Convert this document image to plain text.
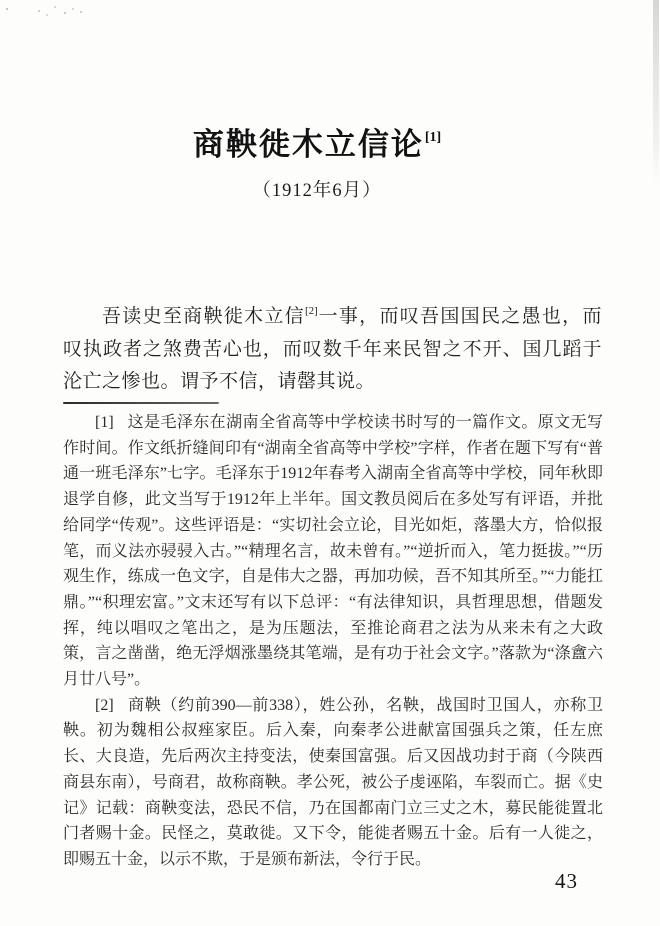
商鞅徙木立信论[1]
（1912年6月）

吾读史至商鞅徙木立信[2]一事，而叹吾国国民之愚也，而叹执政者之煞费苦心也，而叹数千年来民智之不开、国几蹈于沦亡之惨也。谓予不信，请罄其说。

[1] 这是毛泽东在湖南全省高等中学校读书时写的一篇作文。原文无写作时间。作文纸折缝间印有“湖南全省高等中学校”字样，作者在题下写有“普通一班毛泽东”七字。毛泽东于1912年春考入湖南全省高等中学校，同年秋即退学自修，此文当写于1912年上半年。国文教员阅后在多处写有评语，并批给同学“传观”。这些评语是：“实切社会立论，目光如炬，落墨大方，恰似报笔，而义法亦骎骎入古。”“精理名言，故未曾有。”“逆折而入，笔力挺拔。”“历观生作，练成一色文字，自是伟大之器，再加功候，吾不知其所至。”“力能扛鼎。”“积理宏富。”文末还写有以下总评：“有法律知识，具哲理思想，借题发挥，纯以唱叹之笔出之，是为压题法，至推论商君之法为从来未有之大政策，言之凿凿，绝无浮烟涨墨绕其笔端，是有功于社会文字。”落款为“涤盦六月廿八号”。

[2] 商鞅（约前390—前338），姓公孙，名鞅，战国时卫国人，亦称卫鞅。初为魏相公叔痤家臣。后入秦，向秦孝公进献富国强兵之策，任左庶长、大良造，先后两次主持变法，使秦国富强。后又因战功封于商（今陕西商县东南），号商君，故称商鞅。孝公死，被公子虔诬陷，车裂而亡。据《史记》记载：商鞅变法，恐民不信，乃在国都南门立三丈之木，募民能徙置北门者赐十金。民怪之，莫敢徙。又下令，能徙者赐五十金。后有一人徙之，即赐五十金，以示不欺，于是颁布新法，令行于民。

43
